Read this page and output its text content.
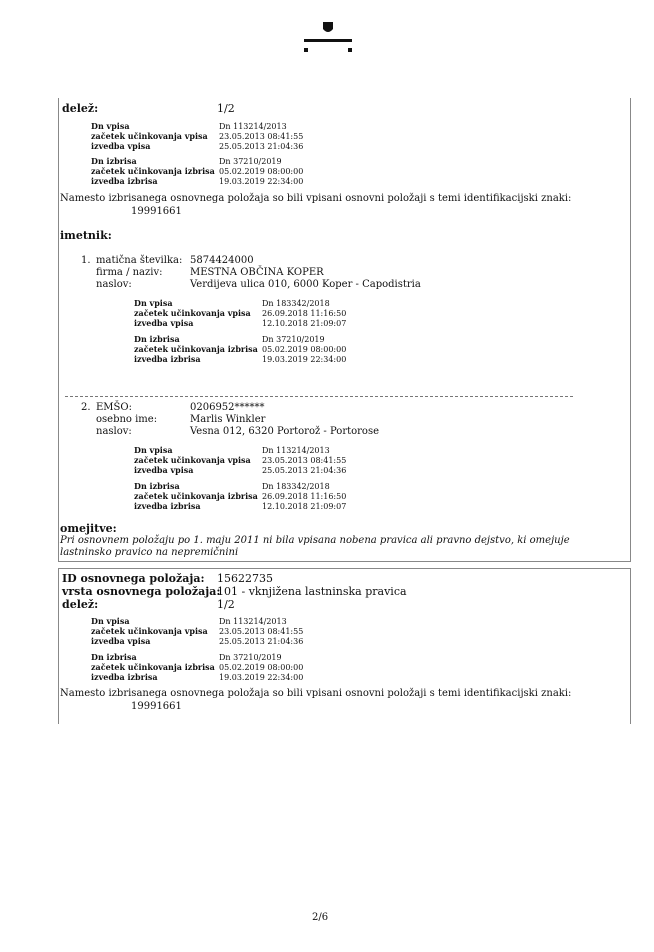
delež:	1/2
Dn vpisa
začetek učinkovanja vpisa
izvedba vpisa
Dn 113214/2013
23.05.2013 08:41:55
25.05.2013 21:04:36
Dn izbrisa
začetek učinkovanja izbrisa
izvedba izbrisa
Dn 37210/2019
05.02.2019 08:00:00
19.03.2019 22:34:00
Namesto izbrisanega osnovnega položaja so bili vpisani osnovni položaji s temi identifikacijski znaki:
19991661
imetnik:
1. matična številka:
firma / naziv:
naslov:
5874424000
MESTNA OBČINA KOPER
Verdijeva ulica 010, 6000 Koper - Capodistria
Dn vpisa
začetek učinkovanja vpisa
izvedba vpisa
Dn 183342/2018
26.09.2018 11:16:50
12.10.2018 21:09:07
Dn izbrisa
začetek učinkovanja izbrisa
izvedba izbrisa
Dn 37210/2019
05.02.2019 08:00:00
19.03.2019 22:34:00
2. EMŠO:
osebno ime:
naslov:
0206952******
Marlis Winkler
Vesna 012, 6320 Portorož - Portorose
Dn vpisa
začetek učinkovanja vpisa
izvedba vpisa
Dn 113214/2013
23.05.2013 08:41:55
25.05.2013 21:04:36
Dn izbrisa
začetek učinkovanja izbrisa
izvedba izbrisa
Dn 183342/2018
26.09.2018 11:16:50
12.10.2018 21:09:07
omejitve:
Pri osnovnem položaju po 1. maju 2011 ni bila vpisana nobena pravica ali pravno dejstvo, ki omejuje
lastninsko pravico na nepremičnini
ID osnovnega položaja: 15622735
vrsta osnovnega položaja:
101 - vknjižena lastninska pravica
delež:	1/2
Dn vpisa
začetek učinkovanja vpisa
izvedba vpisa
Dn 113214/2013
23.05.2013 08:41:55
25.05.2013 21:04:36
Dn izbrisa
začetek učinkovanja izbrisa
izvedba izbrisa
Dn 37210/2019
05.02.2019 08:00:00
19.03.2019 22:34:00
Namesto izbrisanega osnovnega položaja so bili vpisani osnovni položaji s temi identifikacijski znaki:
19991661
2/6
